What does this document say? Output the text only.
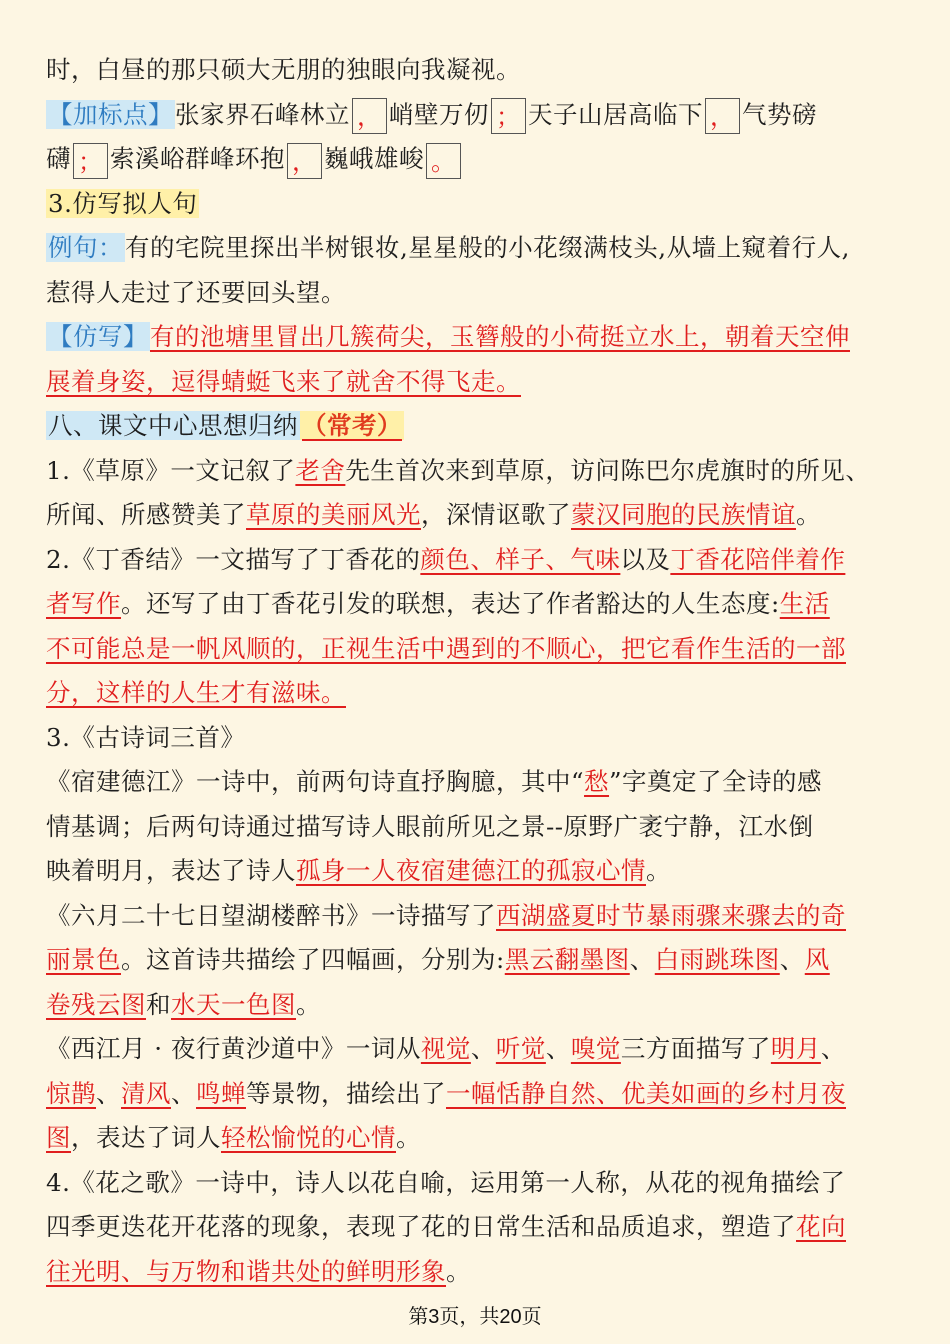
时，白昼的那只硕大无朋的独眼向我凝视。
【加标点】张家界石峰林立 ， 峭壁万仞 ； 天子山居高临下 ， 气势磅
礴 ； 索溪峪群峰环抱 ， 巍峨雄峻 。
3.仿写拟人句
例句：有的宅院里探出半树银妆,星星般的小花缀满枝头,从墙上窥着行人,
惹得人走过了还要回头望。
【仿写】有的池塘里冒出几簇荷尖，玉簪般的小荷挺立水上，朝着天空伸
展着身姿，逗得蜻蜓飞来了就舍不得飞走。
八、课文中心思想归纳 （常考）
1.《草原》一文记叙了老舍先生首次来到草原，访问陈巴尔虎旗时的所见、
所闻、所感赞美了草原的美丽风光，深情讴歌了蒙汉同胞的民族情谊。
2.《丁香结》一文描写了丁香花的颜色、样子、气味以及丁香花陪伴着作
者写作。还写了由丁香花引发的联想，表达了作者豁达的人生态度:生活
不可能总是一帆风顺的，正视生活中遇到的不顺心，把它看作生活的一部
分，这样的人生才有滋味。
3.《古诗词三首》
《宿建德江》一诗中，前两句诗直抒胸臆，其中“愁”字奠定了全诗的感
情基调；后两句诗通过描写诗人眼前所见之景--原野广袤宁静，江水倒
映着明月，表达了诗人孤身一人夜宿建德江的孤寂心情。
《六月二十七日望湖楼醉书》一诗描写了西湖盛夏时节暴雨骤来骤去的奇
丽景色。这首诗共描绘了四幅画，分别为:黑云翻墨图、白雨跳珠图、风
卷残云图和水天一色图。
《西江月 · 夜行黄沙道中》一词从视觉、听觉、嗅觉三方面描写了明月、
惊鹊、清风、鸣蝉等景物，描绘出了一幅恬静自然、优美如画的乡村月夜
图，表达了词人轻松愉悦的心情。
4.《花之歌》一诗中，诗人以花自喻，运用第一人称，从花的视角描绘了
四季更迭花开花落的现象，表现了花的日常生活和品质追求，塑造了花向
往光明、与万物和谐共处的鲜明形象。
第3页，共20页
